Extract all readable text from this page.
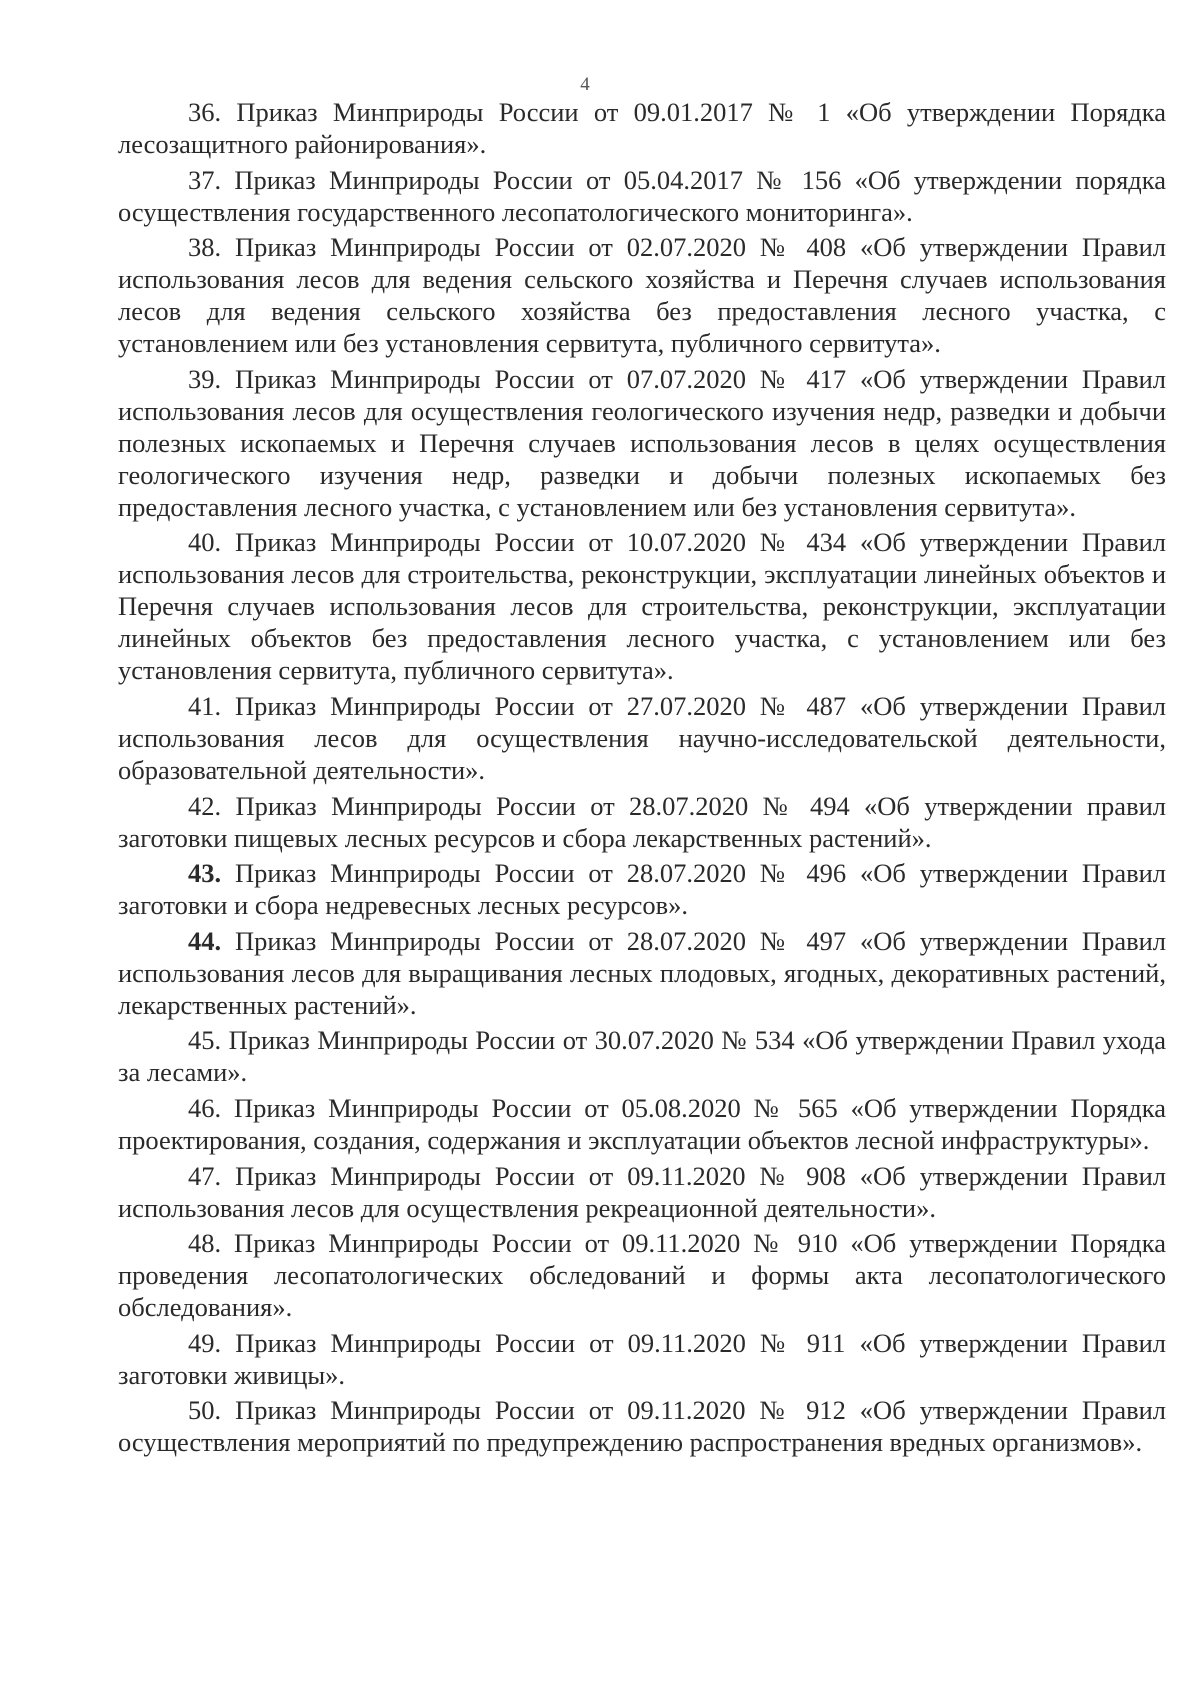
4
36. Приказ Минприроды России от 09.01.2017 № 1 «Об утверждении Порядка лесозащитного районирования».
37. Приказ Минприроды России от 05.04.2017 № 156 «Об утверждении порядка осуществления государственного лесопатологического мониторинга».
38. Приказ Минприроды России от 02.07.2020 № 408 «Об утверждении Правил использования лесов для ведения сельского хозяйства и Перечня случаев использования лесов для ведения сельского хозяйства без предоставления лесного участка, с установлением или без установления сервитута, публичного сервитута».
39. Приказ Минприроды России от 07.07.2020 № 417 «Об утверждении Правил использования лесов для осуществления геологического изучения недр, разведки и добычи полезных ископаемых и Перечня случаев использования лесов в целях осуществления геологического изучения недр, разведки и добычи полезных ископаемых без предоставления лесного участка, с установлением или без установления сервитута».
40. Приказ Минприроды России от 10.07.2020 № 434 «Об утверждении Правил использования лесов для строительства, реконструкции, эксплуатации линейных объектов и Перечня случаев использования лесов для строительства, реконструкции, эксплуатации линейных объектов без предоставления лесного участка, с установлением или без установления сервитута, публичного сервитута».
41. Приказ Минприроды России от 27.07.2020 № 487 «Об утверждении Правил использования лесов для осуществления научно-исследовательской деятельности, образовательной деятельности».
42. Приказ Минприроды России от 28.07.2020 № 494 «Об утверждении правил заготовки пищевых лесных ресурсов и сбора лекарственных растений».
43. Приказ Минприроды России от 28.07.2020 № 496 «Об утверждении Правил заготовки и сбора недревесных лесных ресурсов».
44. Приказ Минприроды России от 28.07.2020 № 497 «Об утверждении Правил использования лесов для выращивания лесных плодовых, ягодных, декоративных растений, лекарственных растений».
45. Приказ Минприроды России от 30.07.2020 № 534 «Об утверждении Правил ухода за лесами».
46. Приказ Минприроды России от 05.08.2020 № 565 «Об утверждении Порядка проектирования, создания, содержания и эксплуатации объектов лесной инфраструктуры».
47. Приказ Минприроды России от 09.11.2020 № 908 «Об утверждении Правил использования лесов для осуществления рекреационной деятельности».
48. Приказ Минприроды России от 09.11.2020 № 910 «Об утверждении Порядка проведения лесопатологических обследований и формы акта лесопатологического обследования».
49. Приказ Минприроды России от 09.11.2020 № 911 «Об утверждении Правил заготовки живицы».
50. Приказ Минприроды России от 09.11.2020 № 912 «Об утверждении Правил осуществления мероприятий по предупреждению распространения вредных организмов».
